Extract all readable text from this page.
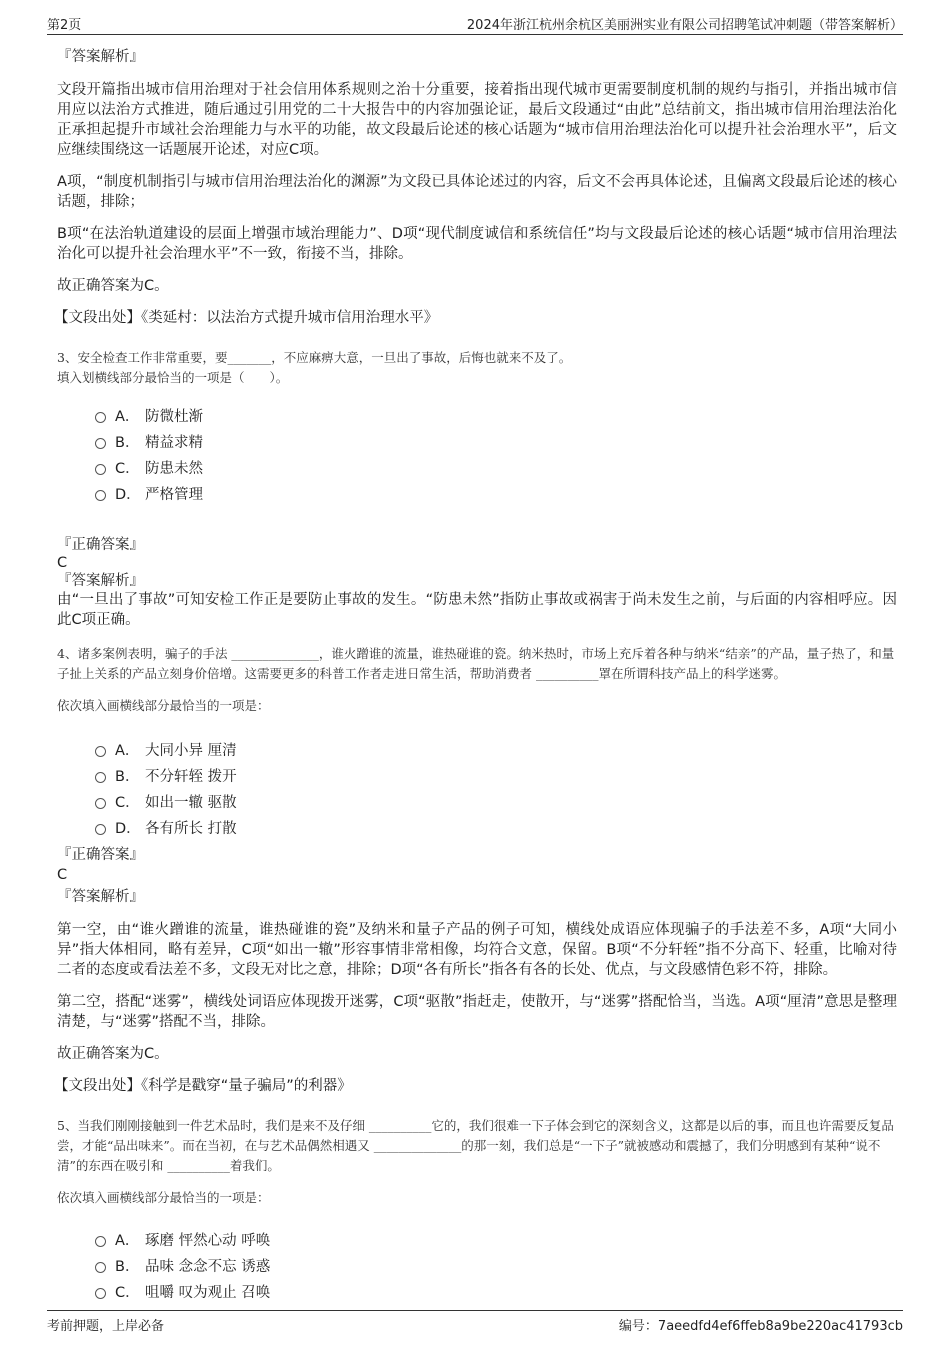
第2页	2024年浙江杭州余杭区美丽洲实业有限公司招聘笔试冲刺题（带答案解析）
『答案解析』

文段开篇指出城市信用治理对于社会信用体系规则之治十分重要，接着指出现代城市更需要制度机制的规约与指引，并指出城市信用应以法治方式推进，随后通过引用党的二十大报告中的内容加强论证，最后文段通过“由此”总结前文，指出城市信用治理法治化正承担起提升市域社会治理能力与水平的功能，故文段最后论述的核心话题为“城市信用治理法治化可以提升社会治理水平”，后文应继续围绕这一话题展开论述，对应C项。

A项，“制度机制指引与城市信用治理法治化的渊源”为文段已具体论述过的内容，后文不会再具体论述，且偏离文段最后论述的核心话题，排除；

B项“在法治轨道建设的层面上增强市域治理能力”、D项“现代制度诚信和系统信任”均与文段最后论述的核心话题“城市信用治理法治化可以提升社会治理水平”不一致，衔接不当，排除。

故正确答案为C。

【文段出处】《类延村：以法治方式提升城市信用治理水平》

3、安全检查工作非常重要，要_______，不应麻痹大意，一旦出了事故，后悔也就来不及了。

填入划横线部分最恰当的一项是（　　）。

A． 防微杜渐
B． 精益求精
C． 防患未然
D． 严格管理
『正确答案』
C
『答案解析』

由“一旦出了事故”可知安检工作正是要防止事故的发生。“防患未然”指防止事故或祸害于尚未发生之前，与后面的内容相呼应。因此C项正确。

4、诸多案例表明，骗子的手法 ______________，谁火蹭谁的流量，谁热碰谁的瓷。纳米热时，市场上充斥着各种与纳米“结亲”的产品，量子热了，和量子扯上关系的产品立刻身价倍增。这需要更多的科普工作者走进日常生活，帮助消费者 __________罩在所谓科技产品上的科学迷雾。

依次填入画横线部分最恰当的一项是：

A． 大同小异 厘清
B． 不分轩轾 拨开
C． 如出一辙 驱散
D． 各有所长 打散
『正确答案』
C
『答案解析』

第一空，由“谁火蹭谁的流量，谁热碰谁的瓷”及纳米和量子产品的例子可知，横线处成语应体现骗子的手法差不多，A项“大同小异”指大体相同，略有差异，C项“如出一辙”形容事情非常相像，均符合文意，保留。B项“不分轩轾”指不分高下、轻重，比喻对待二者的态度或看法差不多，文段无对比之意，排除；D项“各有所长”指各有各的长处、优点，与文段感情色彩不符，排除。

第二空，搭配“迷雾”，横线处词语应体现拨开迷雾，C项“驱散”指赶走，使散开，与“迷雾”搭配恰当，当选。A项“厘清”意思是整理清楚，与“迷雾”搭配不当，排除。

故正确答案为C。

【文段出处】《科学是戳穿“量子骗局”的利器》

5、当我们刚刚接触到一件艺术品时，我们是来不及仔细 __________它的，我们很难一下子体会到它的深刻含义，这都是以后的事，而且也许需要反复品尝，才能“品出味来”。而在当初，在与艺术品偶然相遇又 ______________的那一刻，我们总是“一下子”就被感动和震撼了，我们分明感到有某种“说不清”的东西在吸引和 __________着我们。

依次填入画横线部分最恰当的一项是：

A． 琢磨 怦然心动 呼唤
B． 品味 念念不忘 诱惑
C． 咀嚼 叹为观止 召唤
考前押题，上岸必备	编号：7aeedfd4ef6ffeb8a9be220ac41793cb
